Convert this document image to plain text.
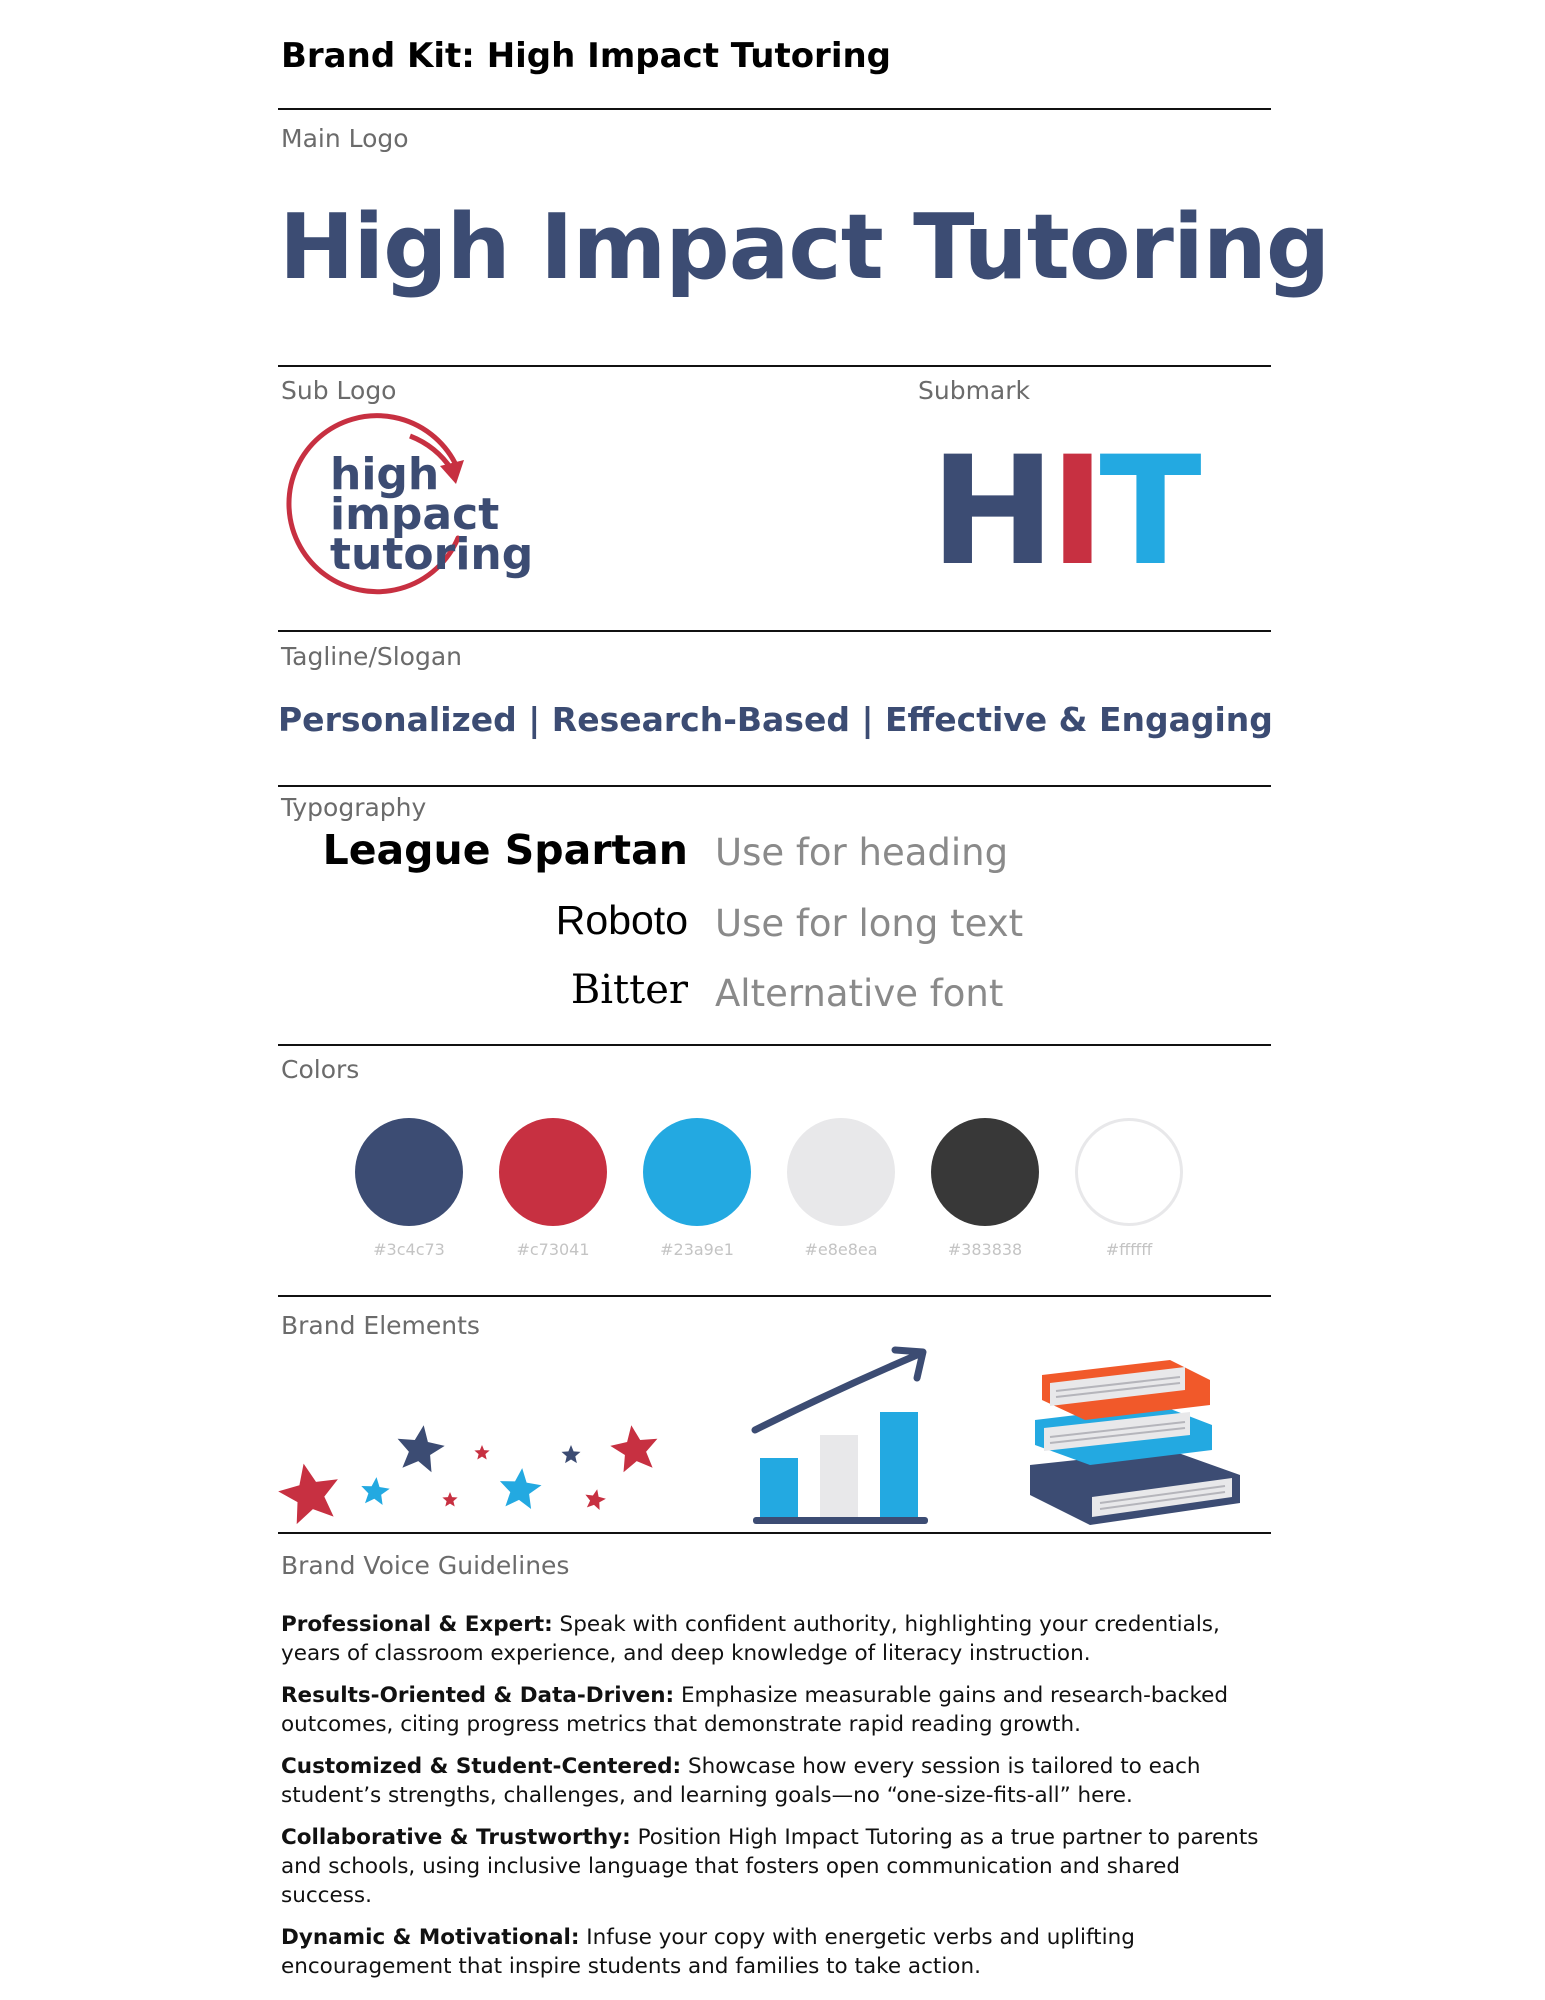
Brand Kit: High Impact Tutoring
Main Logo
High Impact Tutoring
Sub Logo	Submark
high
impact
tutoring	HIT
Tagline/Slogan
Personalized | Research-Based | Effective & Engaging
Typography
League Spartan Use for heading
Roboto Use for long text
Bitter Alternative font
Colors
#3c4c73	#c73041	#23a9e1	#e8e8ea	#383838	#ffffff
Brand Elements
Brand Voice Guidelines
Professional & Expert: Speak with confident authority, highlighting your credentials, years of classroom experience, and deep knowledge of literacy instruction.
Results-Oriented & Data-Driven: Emphasize measurable gains and research-backed outcomes, citing progress metrics that demonstrate rapid reading growth.
Customized & Student-Centered: Showcase how every session is tailored to each student’s strengths, challenges, and learning goals—no “one-size-fits-all” here.
Collaborative & Trustworthy: Position High Impact Tutoring as a true partner to parents and schools, using inclusive language that fosters open communication and shared success.
Dynamic & Motivational: Infuse your copy with energetic verbs and uplifting encouragement that inspire students and families to take action.
